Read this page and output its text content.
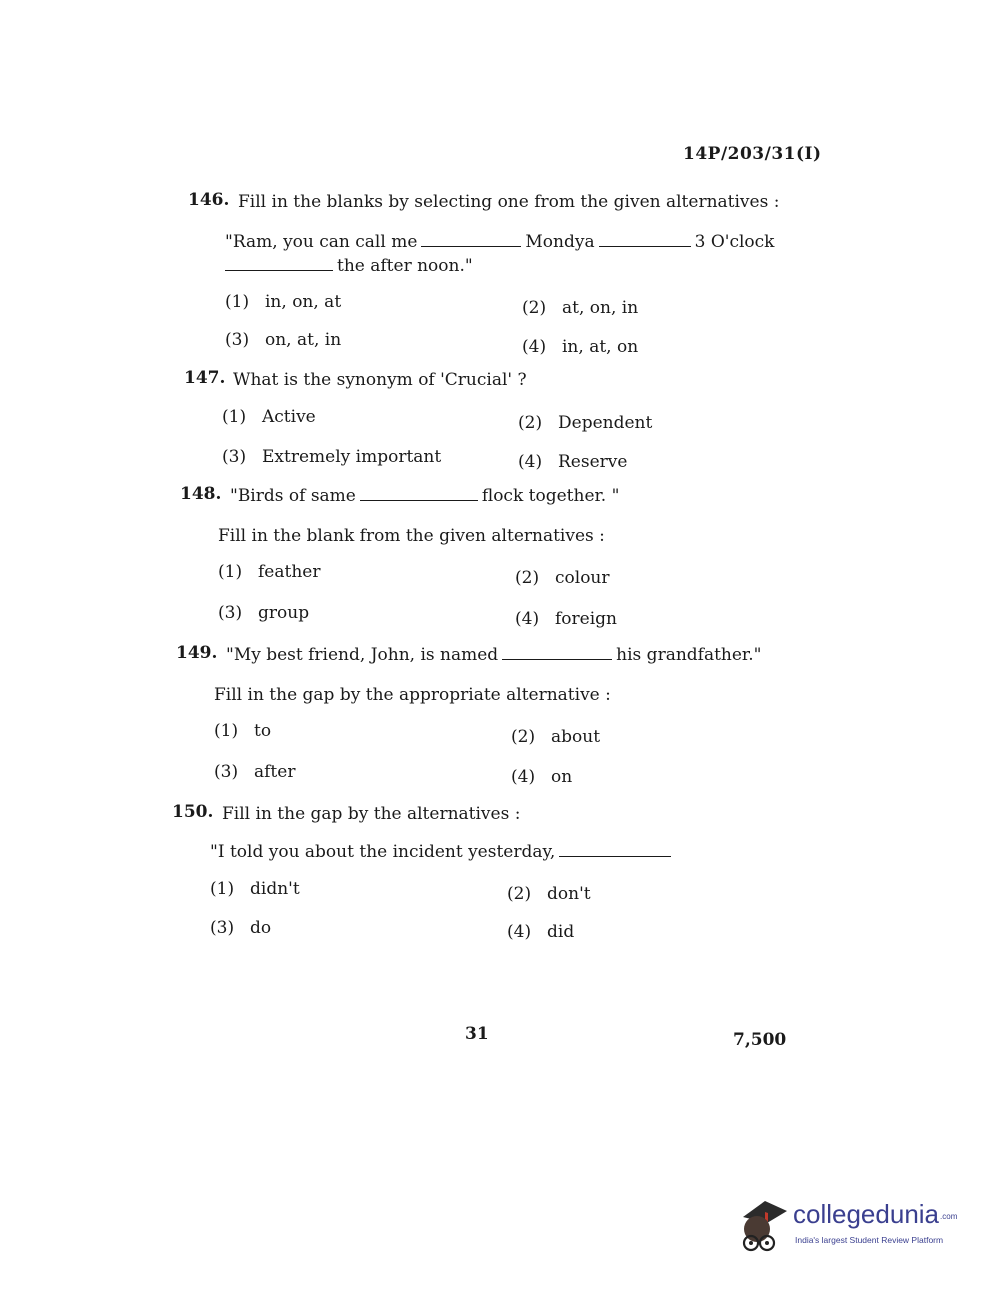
14P/203/31(I)
146. Fill in the blanks by selecting one from the given alternatives :
"Ram, you can call me	Mondya	3 O'clock
the after noon."
(1) in, on, at	(2) at, on, in
(3) on, at, in	(4) in, at, on
147. What is the synonym of 'Crucial' ?
(1) Active	(2) Dependent
(3) Extremely important	(4) Reserve
148. "Birds of same	flock together. "
Fill in the blank from the given alternatives :
(1) feather	(2) colour
(3) group	(4) foreign
149. "My best friend, John, is named	his grandfather."
Fill in the gap by the appropriate alternative :
(1) to	(2) about
(3) after	(4) on
150. Fill in the gap by the alternatives :
"I told you about the incident yesterday,
(1) didn't	(2) don't
(3) do	(4) did
31	7,500
collegedunia.com
India's largest Student Review Platform
